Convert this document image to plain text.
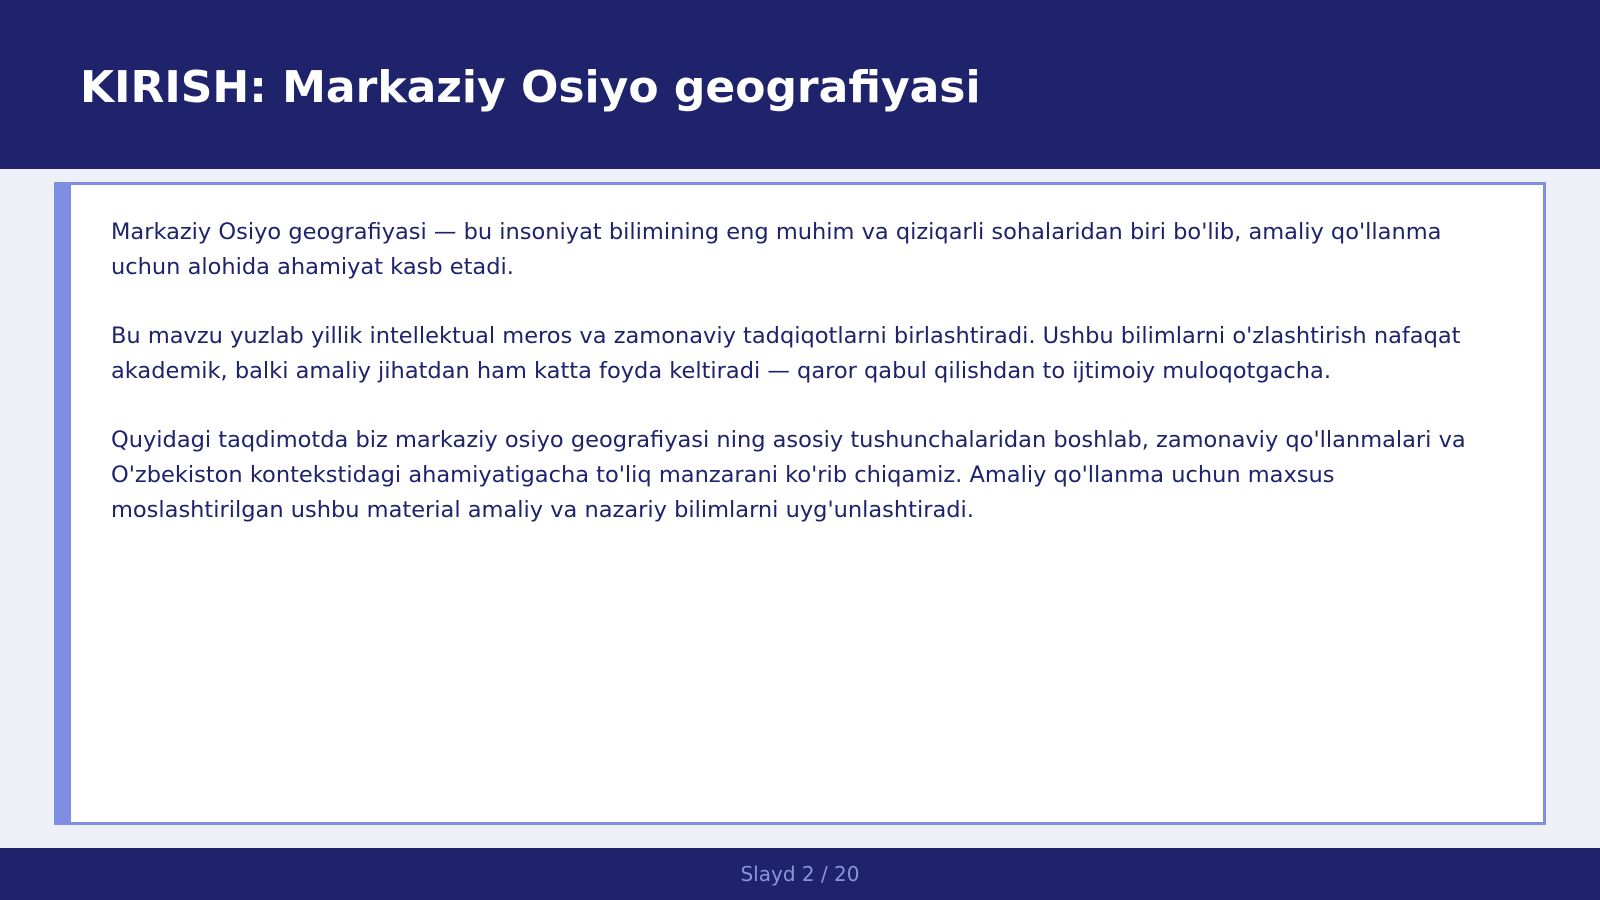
KIRISH: Markaziy Osiyo geografiyasi

Markaziy Osiyo geografiyasi — bu insoniyat bilimining eng muhim va qiziqarli sohalaridan biri bo'lib, amaliy qo'llanma uchun alohida ahamiyat kasb etadi.

Bu mavzu yuzlab yillik intellektual meros va zamonaviy tadqiqotlarni birlashtiradi. Ushbu bilimlarni o'zlashtirish nafaqat akademik, balki amaliy jihatdan ham katta foyda keltiradi — qaror qabul qilishdan to ijtimoiy muloqotgacha.

Quyidagi taqdimotda biz markaziy osiyo geografiyasi ning asosiy tushunchalaridan boshlab, zamonaviy qo'llanmalari va O'zbekiston kontekstidagi ahamiyatigacha to'liq manzarani ko'rib chiqamiz. Amaliy qo'llanma uchun maxsus moslashtirilgan ushbu material amaliy va nazariy bilimlarni uyg'unlashtiradi.

Slayd 2 / 20
